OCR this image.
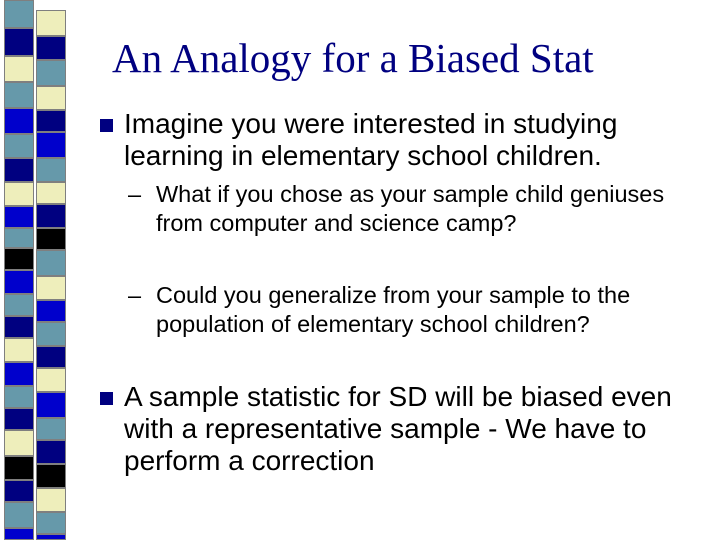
An Analogy for a Biased Stat
Imagine you were interested in studying learning in elementary school children.
– What if you chose as your sample child geniuses from computer and science camp?
– Could you generalize from your sample to the population of elementary school children?
A sample statistic for SD will be biased even with a representative sample - We have to perform a correction
